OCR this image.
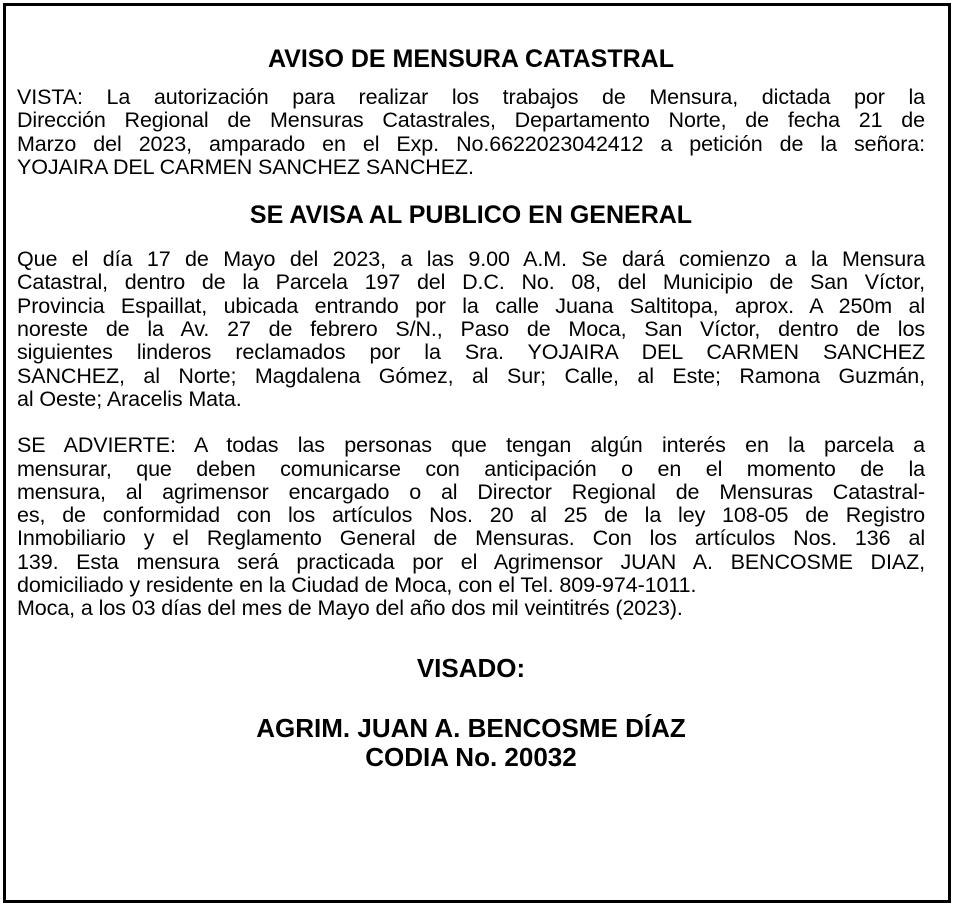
AVISO DE MENSURA CATASTRAL

VISTA: La autorización para realizar los trabajos de Mensura, dictada por la
Dirección Regional de Mensuras Catastrales, Departamento Norte, de fecha 21 de
Marzo del 2023, amparado en el Exp. No.6622023042412 a petición de la señora:
YOJAIRA DEL CARMEN SANCHEZ SANCHEZ.

SE AVISA AL PUBLICO EN GENERAL

Que el día 17 de Mayo del 2023, a las 9.00 A.M. Se dará comienzo a la Mensura
Catastral, dentro de la Parcela 197 del D.C. No. 08, del Municipio de San Víctor,
Provincia Espaillat, ubicada entrando por la calle Juana Saltitopa, aprox. A 250m al
noreste de la Av. 27 de febrero S/N., Paso de Moca, San Víctor, dentro de los
siguientes linderos reclamados por la Sra. YOJAIRA DEL CARMEN SANCHEZ
SANCHEZ, al Norte; Magdalena Gómez, al Sur; Calle, al Este; Ramona Guzmán,
al Oeste; Aracelis Mata.

SE ADVIERTE: A todas las personas que tengan algún interés en la parcela a
mensurar, que deben comunicarse con anticipación o en el momento de la
mensura, al agrimensor encargado o al Director Regional de Mensuras Catastral-
es, de conformidad con los artículos Nos. 20 al 25 de la ley 108-05 de Registro
Inmobiliario y el Reglamento General de Mensuras. Con los artículos Nos. 136 al
139. Esta mensura será practicada por el Agrimensor JUAN A. BENCOSME DIAZ,
domiciliado y residente en la Ciudad de Moca, con el Tel. 809-974-1011.
Moca, a los 03 días del mes de Mayo del año dos mil veintitrés (2023).

VISADO:
AGRIM. JUAN A. BENCOSME DÍAZ
CODIA No. 20032
